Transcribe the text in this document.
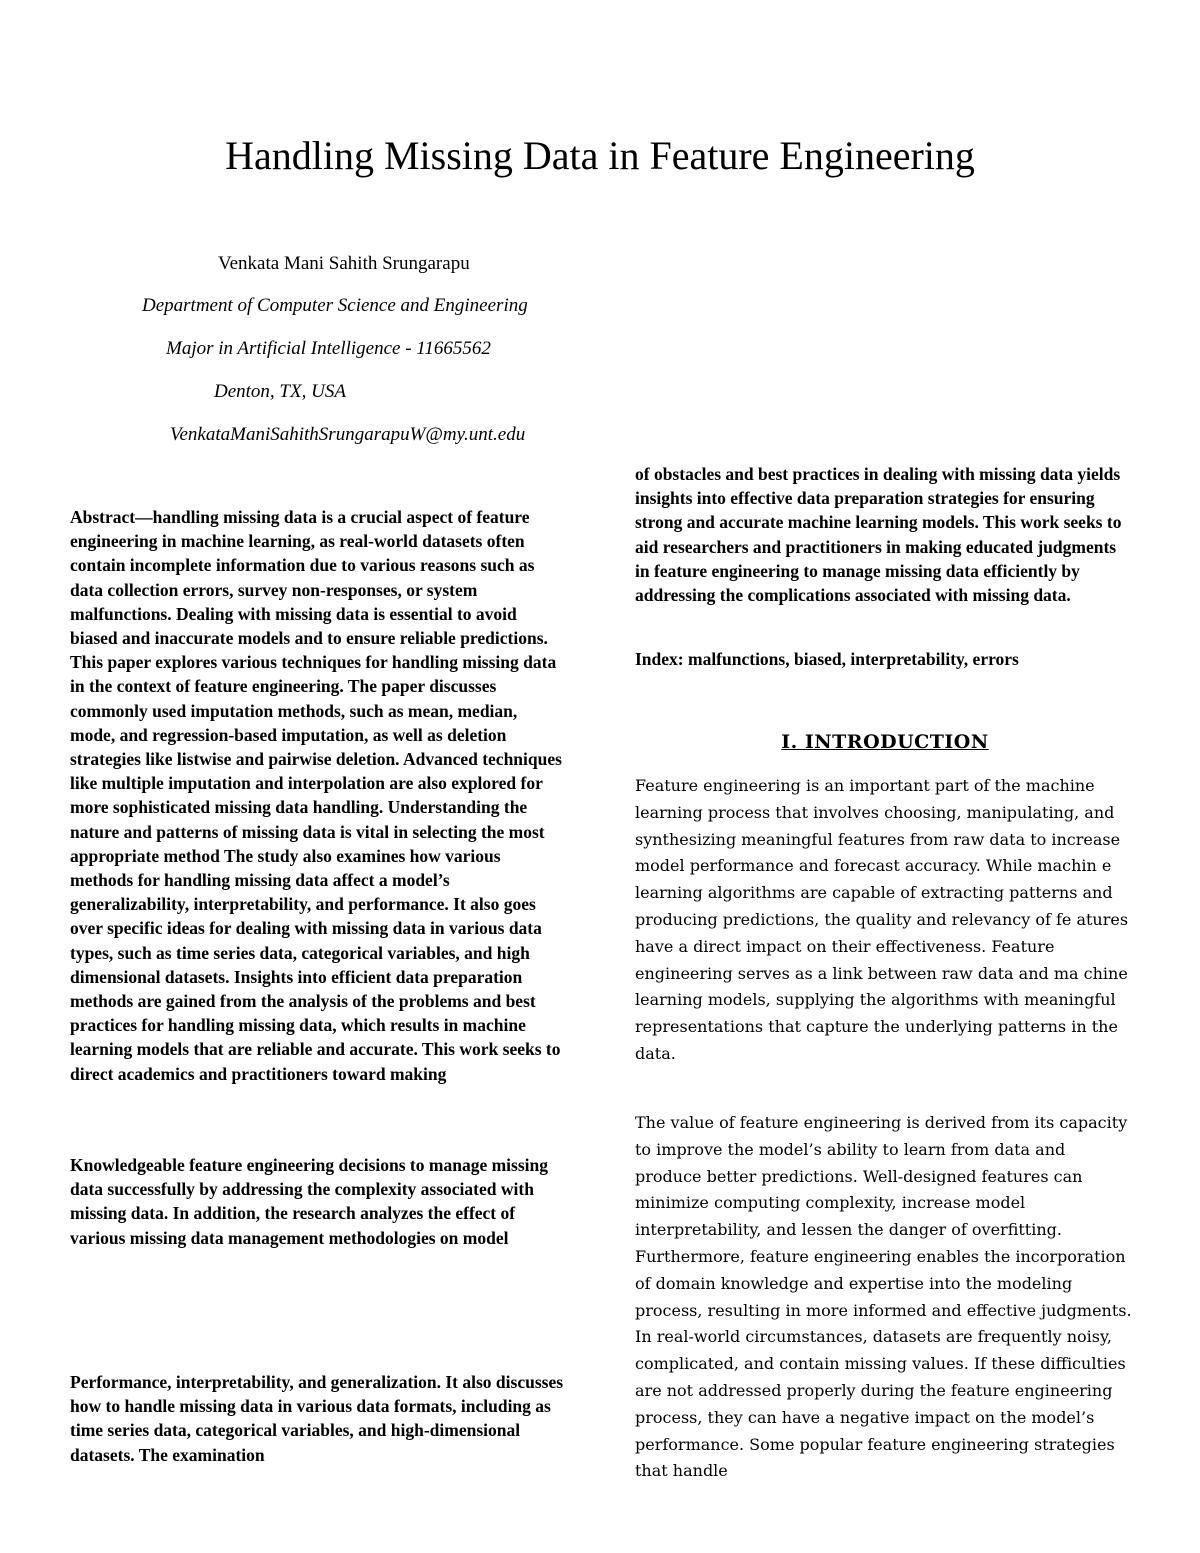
Handling Missing Data in Feature Engineering
Venkata Mani Sahith Srungarapu
Department of Computer Science and Engineering
Major in Artificial Intelligence - 11665562
Denton, TX, USA
VenkataManiSahithSrungarapuW@my.unt.edu

Abstract—handling missing data is a crucial aspect of feature engineering in machine learning, as real-world datasets often contain incomplete information due to various reasons such as data collection errors, survey non-responses, or system malfunctions. Dealing with missing data is essential to avoid biased and inaccurate models and to ensure reliable predictions. This paper explores various techniques for handling missing data in the context of feature engineering. The paper discusses commonly used imputation methods, such as mean, median, mode, and regression-based imputation, as well as deletion strategies like listwise and pairwise deletion. Advanced techniques like multiple imputation and interpolation are also explored for more sophisticated missing data handling. Understanding the nature and patterns of missing data is vital in selecting the most appropriate method The study also examines how various methods for handling missing data affect a model’s generalizability, interpretability, and performance. It also goes over specific ideas for dealing with missing data in various data types, such as time series data, categorical variables, and high dimensional datasets. Insights into efficient data preparation methods are gained from the analysis of the problems and best practices for handling missing data, which results in machine learning models that are reliable and accurate. This work seeks to direct academics and practitioners toward making

Knowledgeable feature engineering decisions to manage missing data successfully by addressing the complexity associated with missing data. In addition, the research analyzes the effect of various missing data management methodologies on model

Performance, interpretability, and generalization. It also discusses how to handle missing data in various data formats, including as time series data, categorical variables, and high-dimensional datasets. The examination

of obstacles and best practices in dealing with missing data yields insights into effective data preparation strategies for ensuring strong and accurate machine learning models. This work seeks to aid researchers and practitioners in making educated judgments in feature engineering to manage missing data efficiently by addressing the complications associated with missing data.

Index: malfunctions, biased, interpretability, errors

I. INTRODUCTION

Feature engineering is an important part of the machine learning process that involves choosing, manipulating, and synthesizing meaningful features from raw data to increase model performance and forecast accuracy. While machin e learning algorithms are capable of extracting patterns and producing predictions, the quality and relevancy of fe atures have a direct impact on their effectiveness. Feature engineering serves as a link between raw data and ma chine learning models, supplying the algorithms with meaningful representations that capture the underlying patterns in the data.

The value of feature engineering is derived from its capacity to improve the model’s ability to learn from data and produce better predictions. Well-designed features can minimize computing complexity, increase model interpretability, and lessen the danger of overfitting. Furthermore, feature engineering enables the incorporation of domain knowledge and expertise into the modeling process, resulting in more informed and effective judgments. In real-world circumstances, datasets are frequently noisy, complicated, and contain missing values. If these difficulties are not addressed properly during the feature engineering process, they can have a negative impact on the model’s performance. Some popular feature engineering strategies that handle
